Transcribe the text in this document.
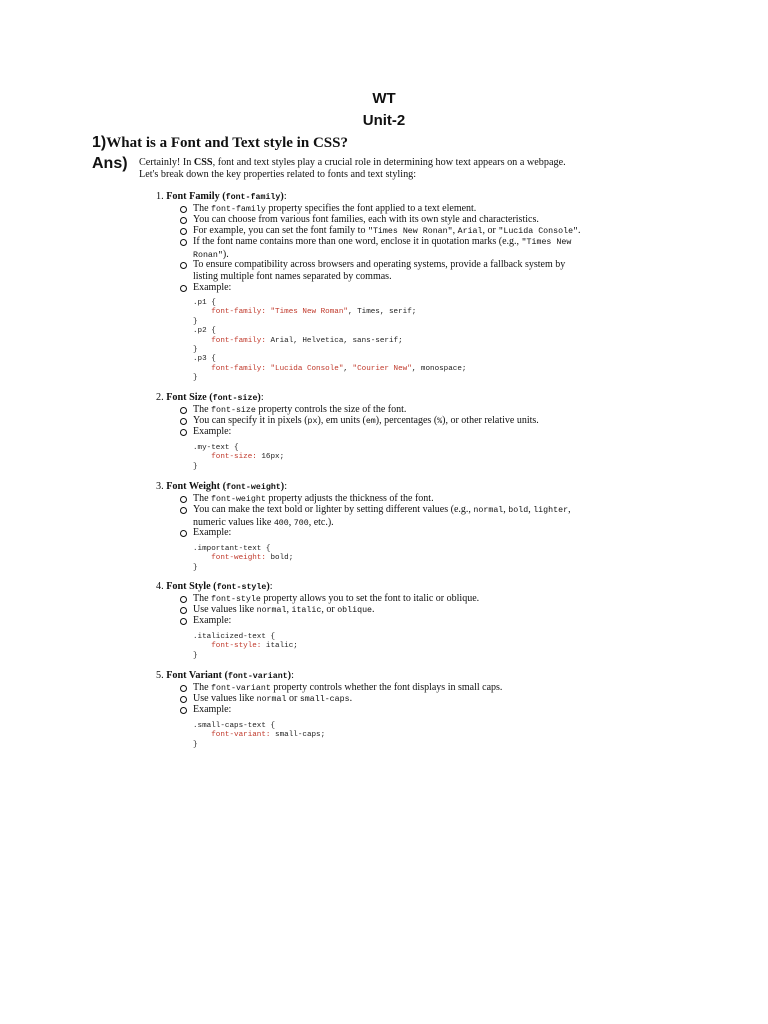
WT
Unit-2
1)What is a Font and Text style in CSS?
Ans) Certainly! In CSS, font and text styles play a crucial role in determining how text appears on a webpage. Let's break down the key properties related to fonts and text styling:
1. Font Family (font-family):
The font-family property specifies the font applied to a text element.
You can choose from various font families, each with its own style and characteristics.
For example, you can set the font family to "Times New Ronan", Arial, or "Lucida Console".
If the font name contains more than one word, enclose it in quotation marks (e.g., "Times New
Ronan").
To ensure compatibility across browsers and operating systems, provide a fallback system by
listing multiple font names separated by commas.
Example:
.p1 {
font-family: "Times New Roman", Times, serif;
}
.p2 {
font-family: Arial, Helvetica, sans-serif;
}
.p3 {
font-family: "Lucida Console", "Courier New", monospace;
}
2. Font Size (font-size):
The font-size property controls the size of the font.
You can specify it in pixels (px), em units (em), percentages (%), or other relative units.
Example:
.my-text {
font-size: 16px;
}
3. Font Weight (font-weight):
The font-weight property adjusts the thickness of the font.
You can make the text bold or lighter by setting different values (e.g., normal, bold, lighter,
numeric values like 400, 700, etc.).
Example:
.important-text {
font-weight: bold;
}
4. Font Style (font-style):
The font-style property allows you to set the font to italic or oblique.
Use values like normal, italic, or oblique.
Example:
.italicized-text {
font-style: italic;
}
5. Font Variant (font-variant):
The font-variant property controls whether the font displays in small caps.
Use values like normal or small-caps.
Example:
.small-caps-text {
font-variant: small-caps;
}
